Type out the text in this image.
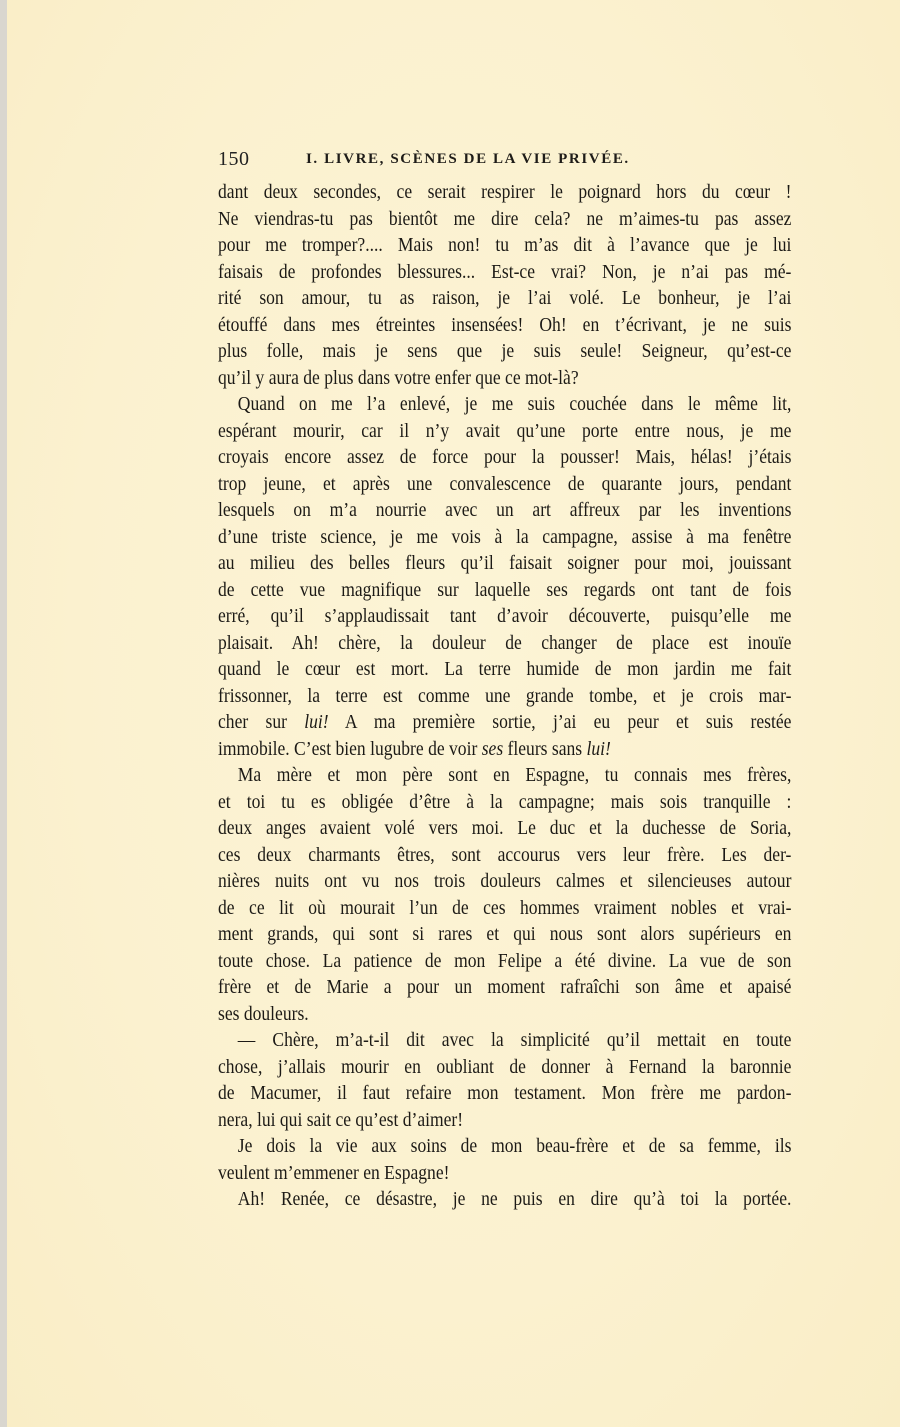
150	I. LIVRE, SCÈNES DE LA VIE PRIVÉE.
dant deux secondes, ce serait respirer le poignard hors du cœur !
Ne viendras-tu pas bientôt me dire cela? ne m’aimes-tu pas assez
pour me tromper?.... Mais non! tu m’as dit à l’avance que je lui
faisais de profondes blessures... Est-ce vrai? Non, je n’ai pas mé-
rité son amour, tu as raison, je l’ai volé. Le bonheur, je l’ai
étouffé dans mes étreintes insensées! Oh! en t’écrivant, je ne suis
plus folle, mais je sens que je suis seule! Seigneur, qu’est-ce
qu’il y aura de plus dans votre enfer que ce mot-là?
Quand on me l’a enlevé, je me suis couchée dans le même lit,
espérant mourir, car il n’y avait qu’une porte entre nous, je me
croyais encore assez de force pour la pousser! Mais, hélas! j’étais
trop jeune, et après une convalescence de quarante jours, pendant
lesquels on m’a nourrie avec un art affreux par les inventions
d’une triste science, je me vois à la campagne, assise à ma fenêtre
au milieu des belles fleurs qu’il faisait soigner pour moi, jouissant
de cette vue magnifique sur laquelle ses regards ont tant de fois
erré, qu’il s’applaudissait tant d’avoir découverte, puisqu’elle me
plaisait. Ah! chère, la douleur de changer de place est inouïe
quand le cœur est mort. La terre humide de mon jardin me fait
frissonner, la terre est comme une grande tombe, et je crois mar-
cher sur lui! A ma première sortie, j’ai eu peur et suis restée
immobile. C’est bien lugubre de voir ses fleurs sans lui!
Ma mère et mon père sont en Espagne, tu connais mes frères,
et toi tu es obligée d’être à la campagne; mais sois tranquille :
deux anges avaient volé vers moi. Le duc et la duchesse de Soria,
ces deux charmants êtres, sont accourus vers leur frère. Les der-
nières nuits ont vu nos trois douleurs calmes et silencieuses autour
de ce lit où mourait l’un de ces hommes vraiment nobles et vrai-
ment grands, qui sont si rares et qui nous sont alors supérieurs en
toute chose. La patience de mon Felipe a été divine. La vue de son
frère et de Marie a pour un moment rafraîchi son âme et apaisé
ses douleurs.
— Chère, m’a-t-il dit avec la simplicité qu’il mettait en toute
chose, j’allais mourir en oubliant de donner à Fernand la baronnie
de Macumer, il faut refaire mon testament. Mon frère me pardon-
nera, lui qui sait ce qu’est d’aimer!
Je dois la vie aux soins de mon beau-frère et de sa femme, ils
veulent m’emmener en Espagne!
Ah! Renée, ce désastre, je ne puis en dire qu’à toi la portée.
